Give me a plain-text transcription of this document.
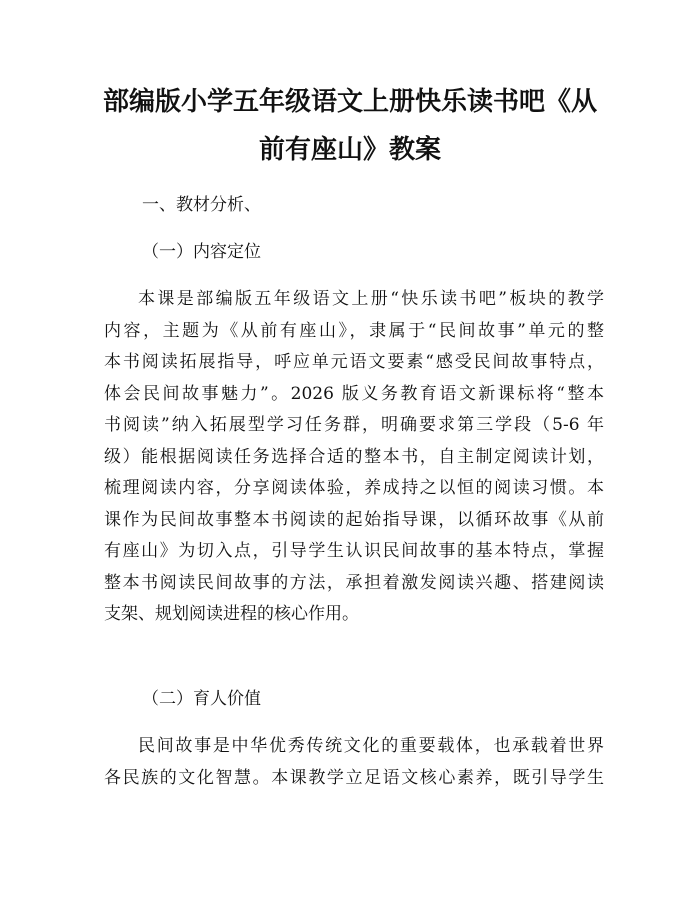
部编版小学五年级语文上册快乐读书吧《从
前有座山》教案

一、教材分析、

（一）内容定位

本课是部编版五年级语文上册“快乐读书吧”板块的教学
内容，主题为《从前有座山》，隶属于“民间故事”单元的整
本书阅读拓展指导，呼应单元语文要素“感受民间故事特点，
体会民间故事魅力”。2026 版义务教育语文新课标将“整本
书阅读”纳入拓展型学习任务群，明确要求第三学段（5-6 年
级）能根据阅读任务选择合适的整本书，自主制定阅读计划，
梳理阅读内容，分享阅读体验，养成持之以恒的阅读习惯。本
课作为民间故事整本书阅读的起始指导课，以循环故事《从前
有座山》为切入点，引导学生认识民间故事的基本特点，掌握
整本书阅读民间故事的方法，承担着激发阅读兴趣、搭建阅读
支架、规划阅读进程的核心作用。

（二）育人价值

民间故事是中华优秀传统文化的重要载体，也承载着世界
各民族的文化智慧。本课教学立足语文核心素养，既引导学生
